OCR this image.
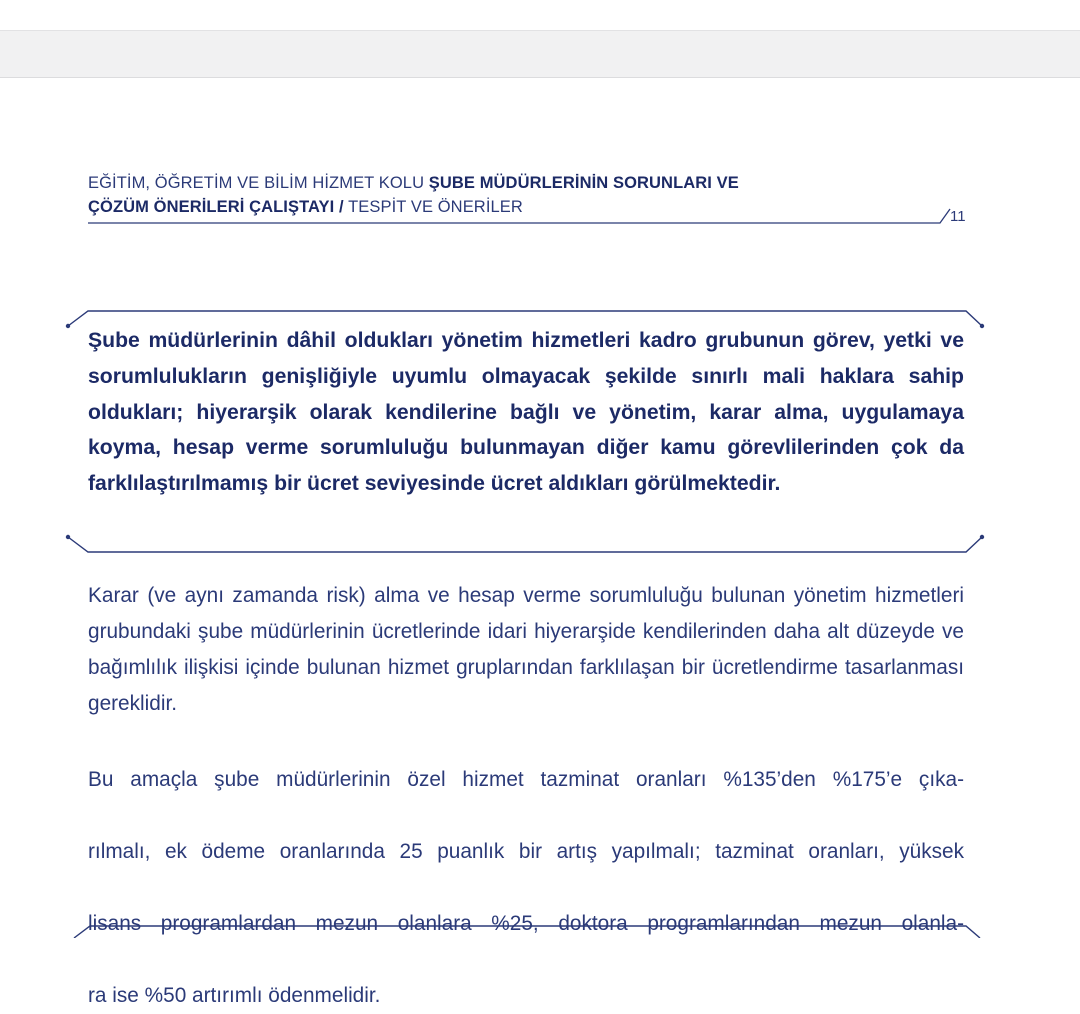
EĞİTİM, ÖĞRETİM VE BİLİM HİZMET KOLU ŞUBE MÜDÜRLERİNİN SORUNLARI VE
ÇÖZÜM ÖNERİLERİ ÇALIŞTAYI / TESPİT VE ÖNERİLER
11
Şube müdürlerinin dâhil oldukları yönetim hizmetleri kadro grubunun görev, yetki ve sorumlulukların genişliğiyle uyumlu olmayacak şekilde sınırlı mali haklara sahip oldukları; hiyerarşik olarak kendilerine bağlı ve yönetim, karar alma, uygulamaya koyma, hesap verme sorumluluğu bulunmayan diğer kamu görevlilerinden çok da farklılaştırılmamış bir ücret seviyesinde ücret aldıkları görülmektedir.
Karar (ve aynı zamanda risk) alma ve hesap verme sorumluluğu bulunan yönetim hizmetleri grubundaki şube müdürlerinin ücretlerinde idari hiyerarşide kendilerinden daha alt düzeyde ve bağımlılık ilişkisi içinde bulunan hizmet gruplarından farklılaşan bir ücretlendirme tasarlanması gereklidir.
Bu amaçla şube müdürlerinin özel hizmet tazminat oranları %135’den %175’e çıka-
rılmalı, ek ödeme oranlarında 25 puanlık bir artış yapılmalı; tazminat oranları, yüksek
lisans programlardan mezun olanlara %25, doktora programlarından mezun olanla-
ra ise %50 artırımlı ödenmelidir.
